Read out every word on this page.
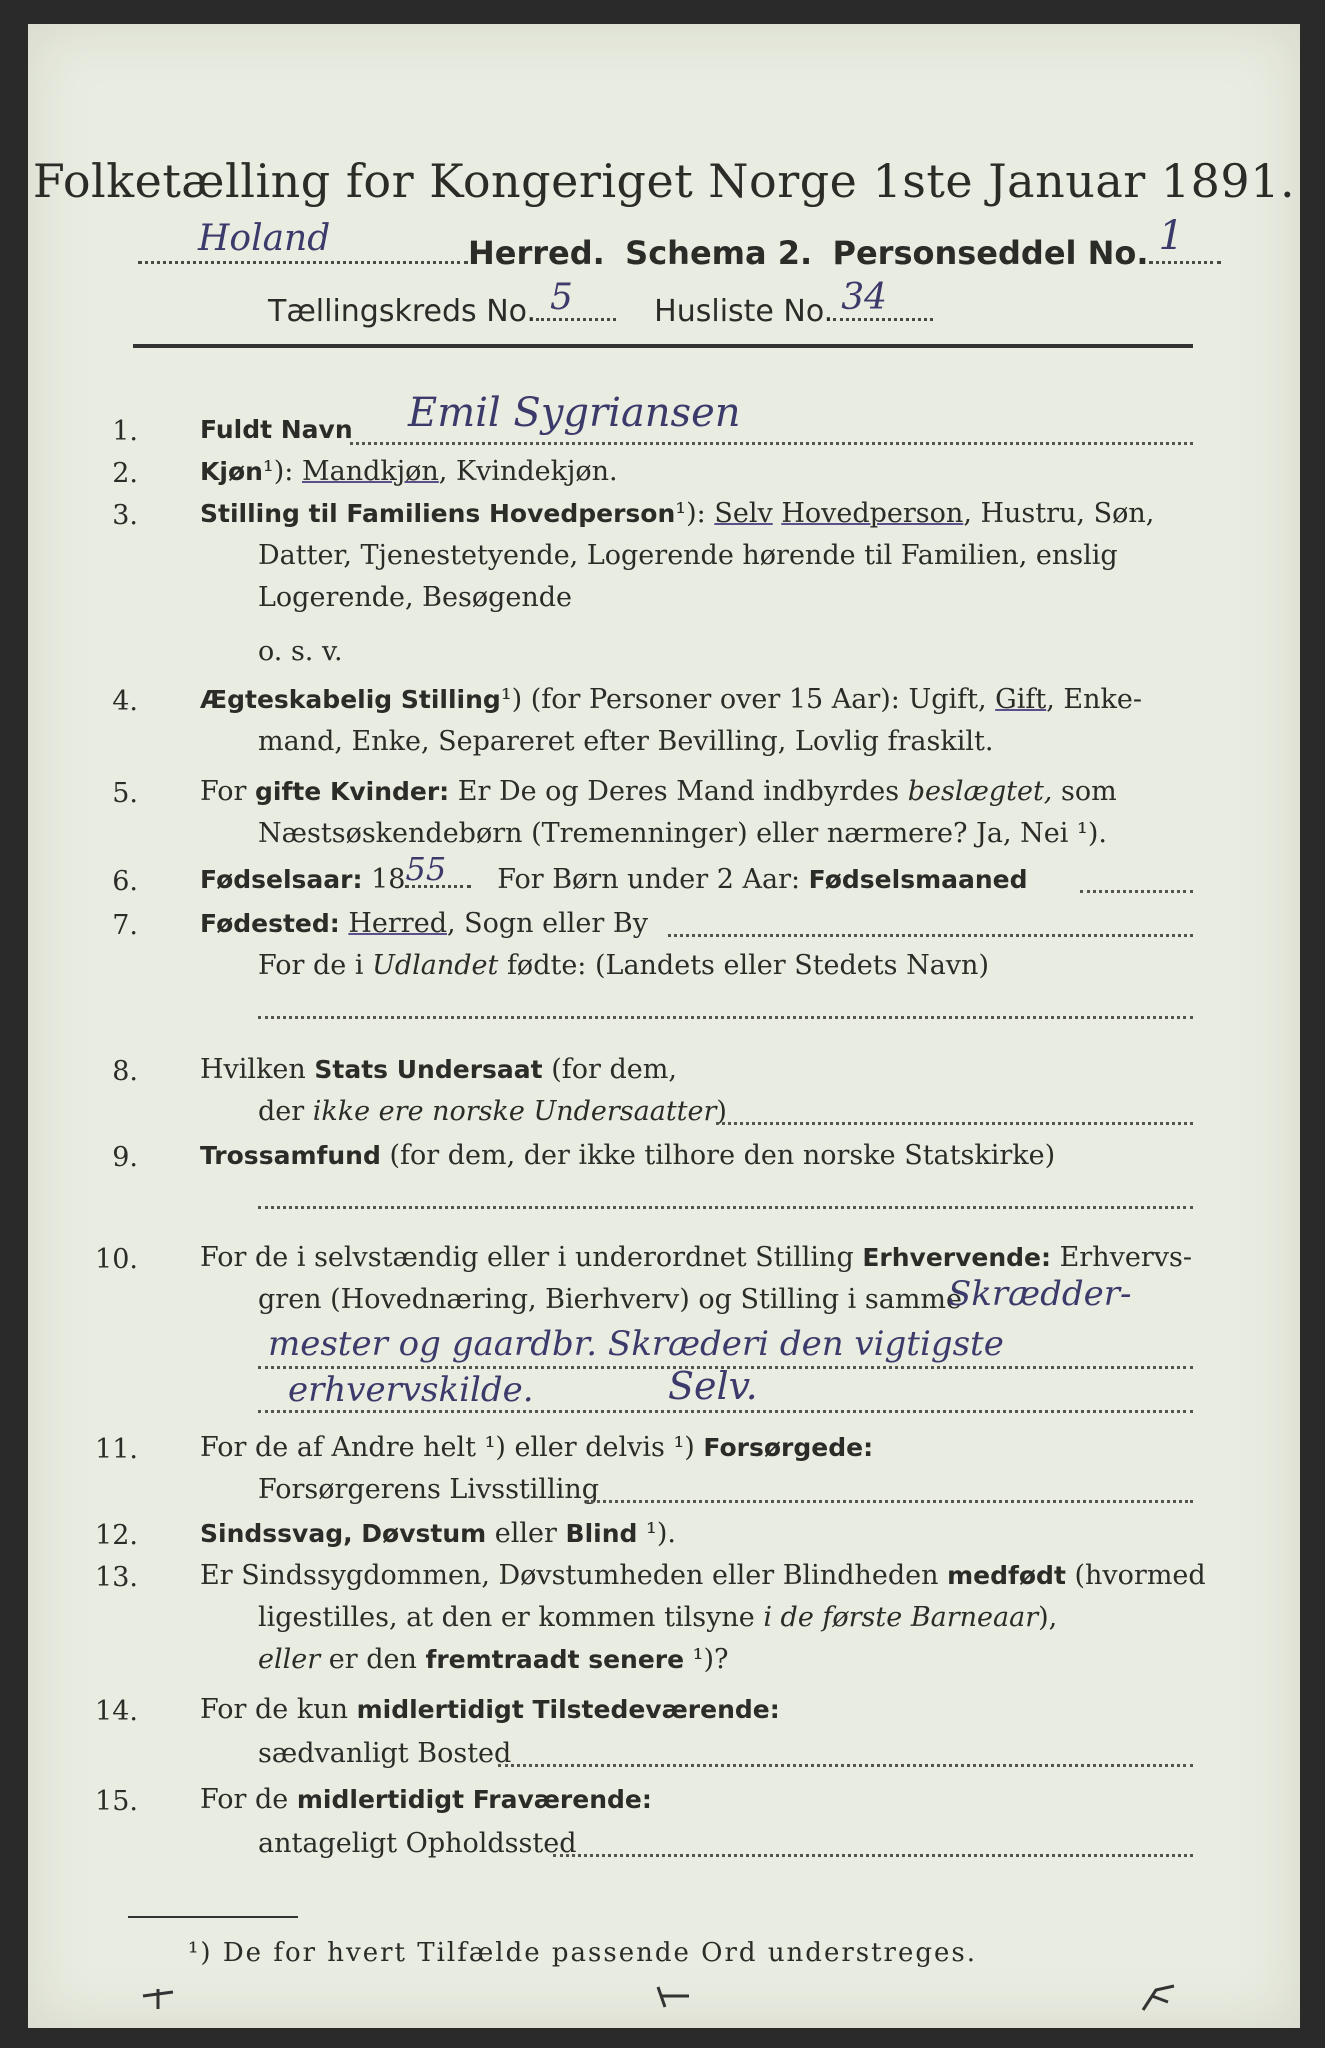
Folketælling for Kongeriget Norge 1ste Januar 1891.
Holand	Herred. Schema 2. Personseddel No. 1
Tællingskreds No. 5	Husliste No. 34
1. Fuldt Navn Emil Sygriansen
2. Kjøn¹): Mandkjøn, Kvindekjøn.
3. Stilling til Familiens Hovedperson¹): Selv Hovedperson, Hustru, Søn,
Datter, Tjenestetyende, Logerende hørende til Familien, enslig
Logerende, Besøgende
o. s. v.
4. Ægteskabelig Stilling¹) (for Personer over 15 Aar): Ugift, Gift, Enke-
mand, Enke, Separeret efter Bevilling, Lovlig fraskilt.
5. For gifte Kvinder: Er De og Deres Mand indbyrdes beslægtet, som
Næstsøskendebørn (Tremenninger) eller nærmere? Ja, Nei ¹).
6. Fødselsaar: 18 55 For Børn under 2 Aar: Fødselsmaaned
7. Fødested: Herred, Sogn eller By
For de i Udlandet fødte: (Landets eller Stedets Navn)
8. Hvilken Stats Undersaat (for dem,
der ikke ere norske Undersaatter)
9. Trossamfund (for dem, der ikke tilhore den norske Statskirke)
10. For de i selvstændig eller i underordnet Stilling Erhvervende: Erhvervs-
gren (Hovednæring, Bierhverv) og Stilling i samme
Skrædder-
mester og gaardbr. Skræderi den vigtigste
erhvervskilde.	Selv.
11. For de af Andre helt ¹) eller delvis ¹) Forsørgede:
Forsørgerens Livsstilling
12. Sindssvag, Døvstum eller Blind ¹).
13. Er Sindssygdommen, Døvstumheden eller Blindheden medfødt (hvormed
ligestilles, at den er kommen tilsyne i de første Barneaar),
eller er den fremtraadt senere ¹)?
14. For de kun midlertidigt Tilstedeværende:
sædvanligt Bosted
15. For de midlertidigt Fraværende:
antageligt Opholdssted
¹) De for hvert Tilfælde passende Ord understreges.
